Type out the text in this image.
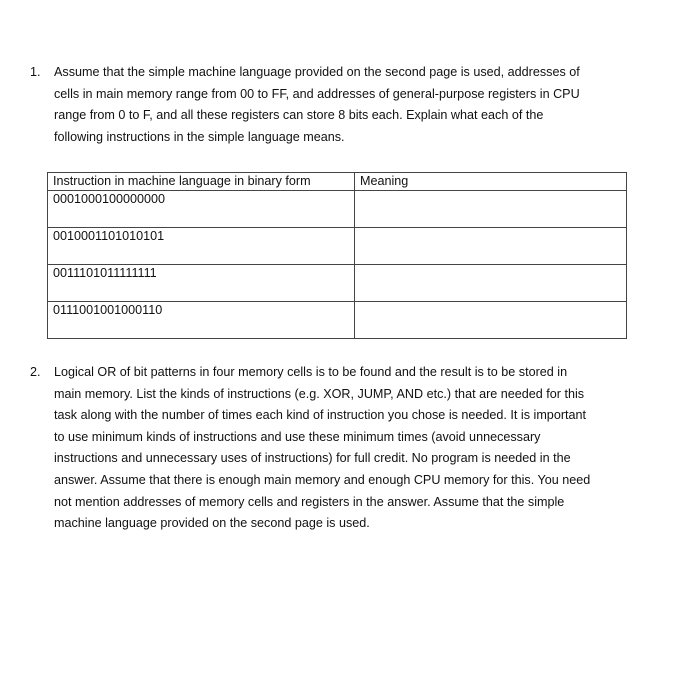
1. Assume that the simple machine language provided on the second page is used, addresses of
cells in main memory range from 00 to FF, and addresses of general-purpose registers in CPU
range from 0 to F, and all these registers can store 8 bits each. Explain what each of the
following instructions in the simple language means.
Instruction in machine language in binary form	Meaning
0001000100000000	
0010001101010101	
0011101011111111	
0111001001000110	
2. Logical OR of bit patterns in four memory cells is to be found and the result is to be stored in
main memory. List the kinds of instructions (e.g. XOR, JUMP, AND etc.) that are needed for this
task along with the number of times each kind of instruction you chose is needed. It is important
to use minimum kinds of instructions and use these minimum times (avoid unnecessary
instructions and unnecessary uses of instructions) for full credit. No program is needed in the
answer. Assume that there is enough main memory and enough CPU memory for this. You need
not mention addresses of memory cells and registers in the answer. Assume that the simple
machine language provided on the second page is used.
